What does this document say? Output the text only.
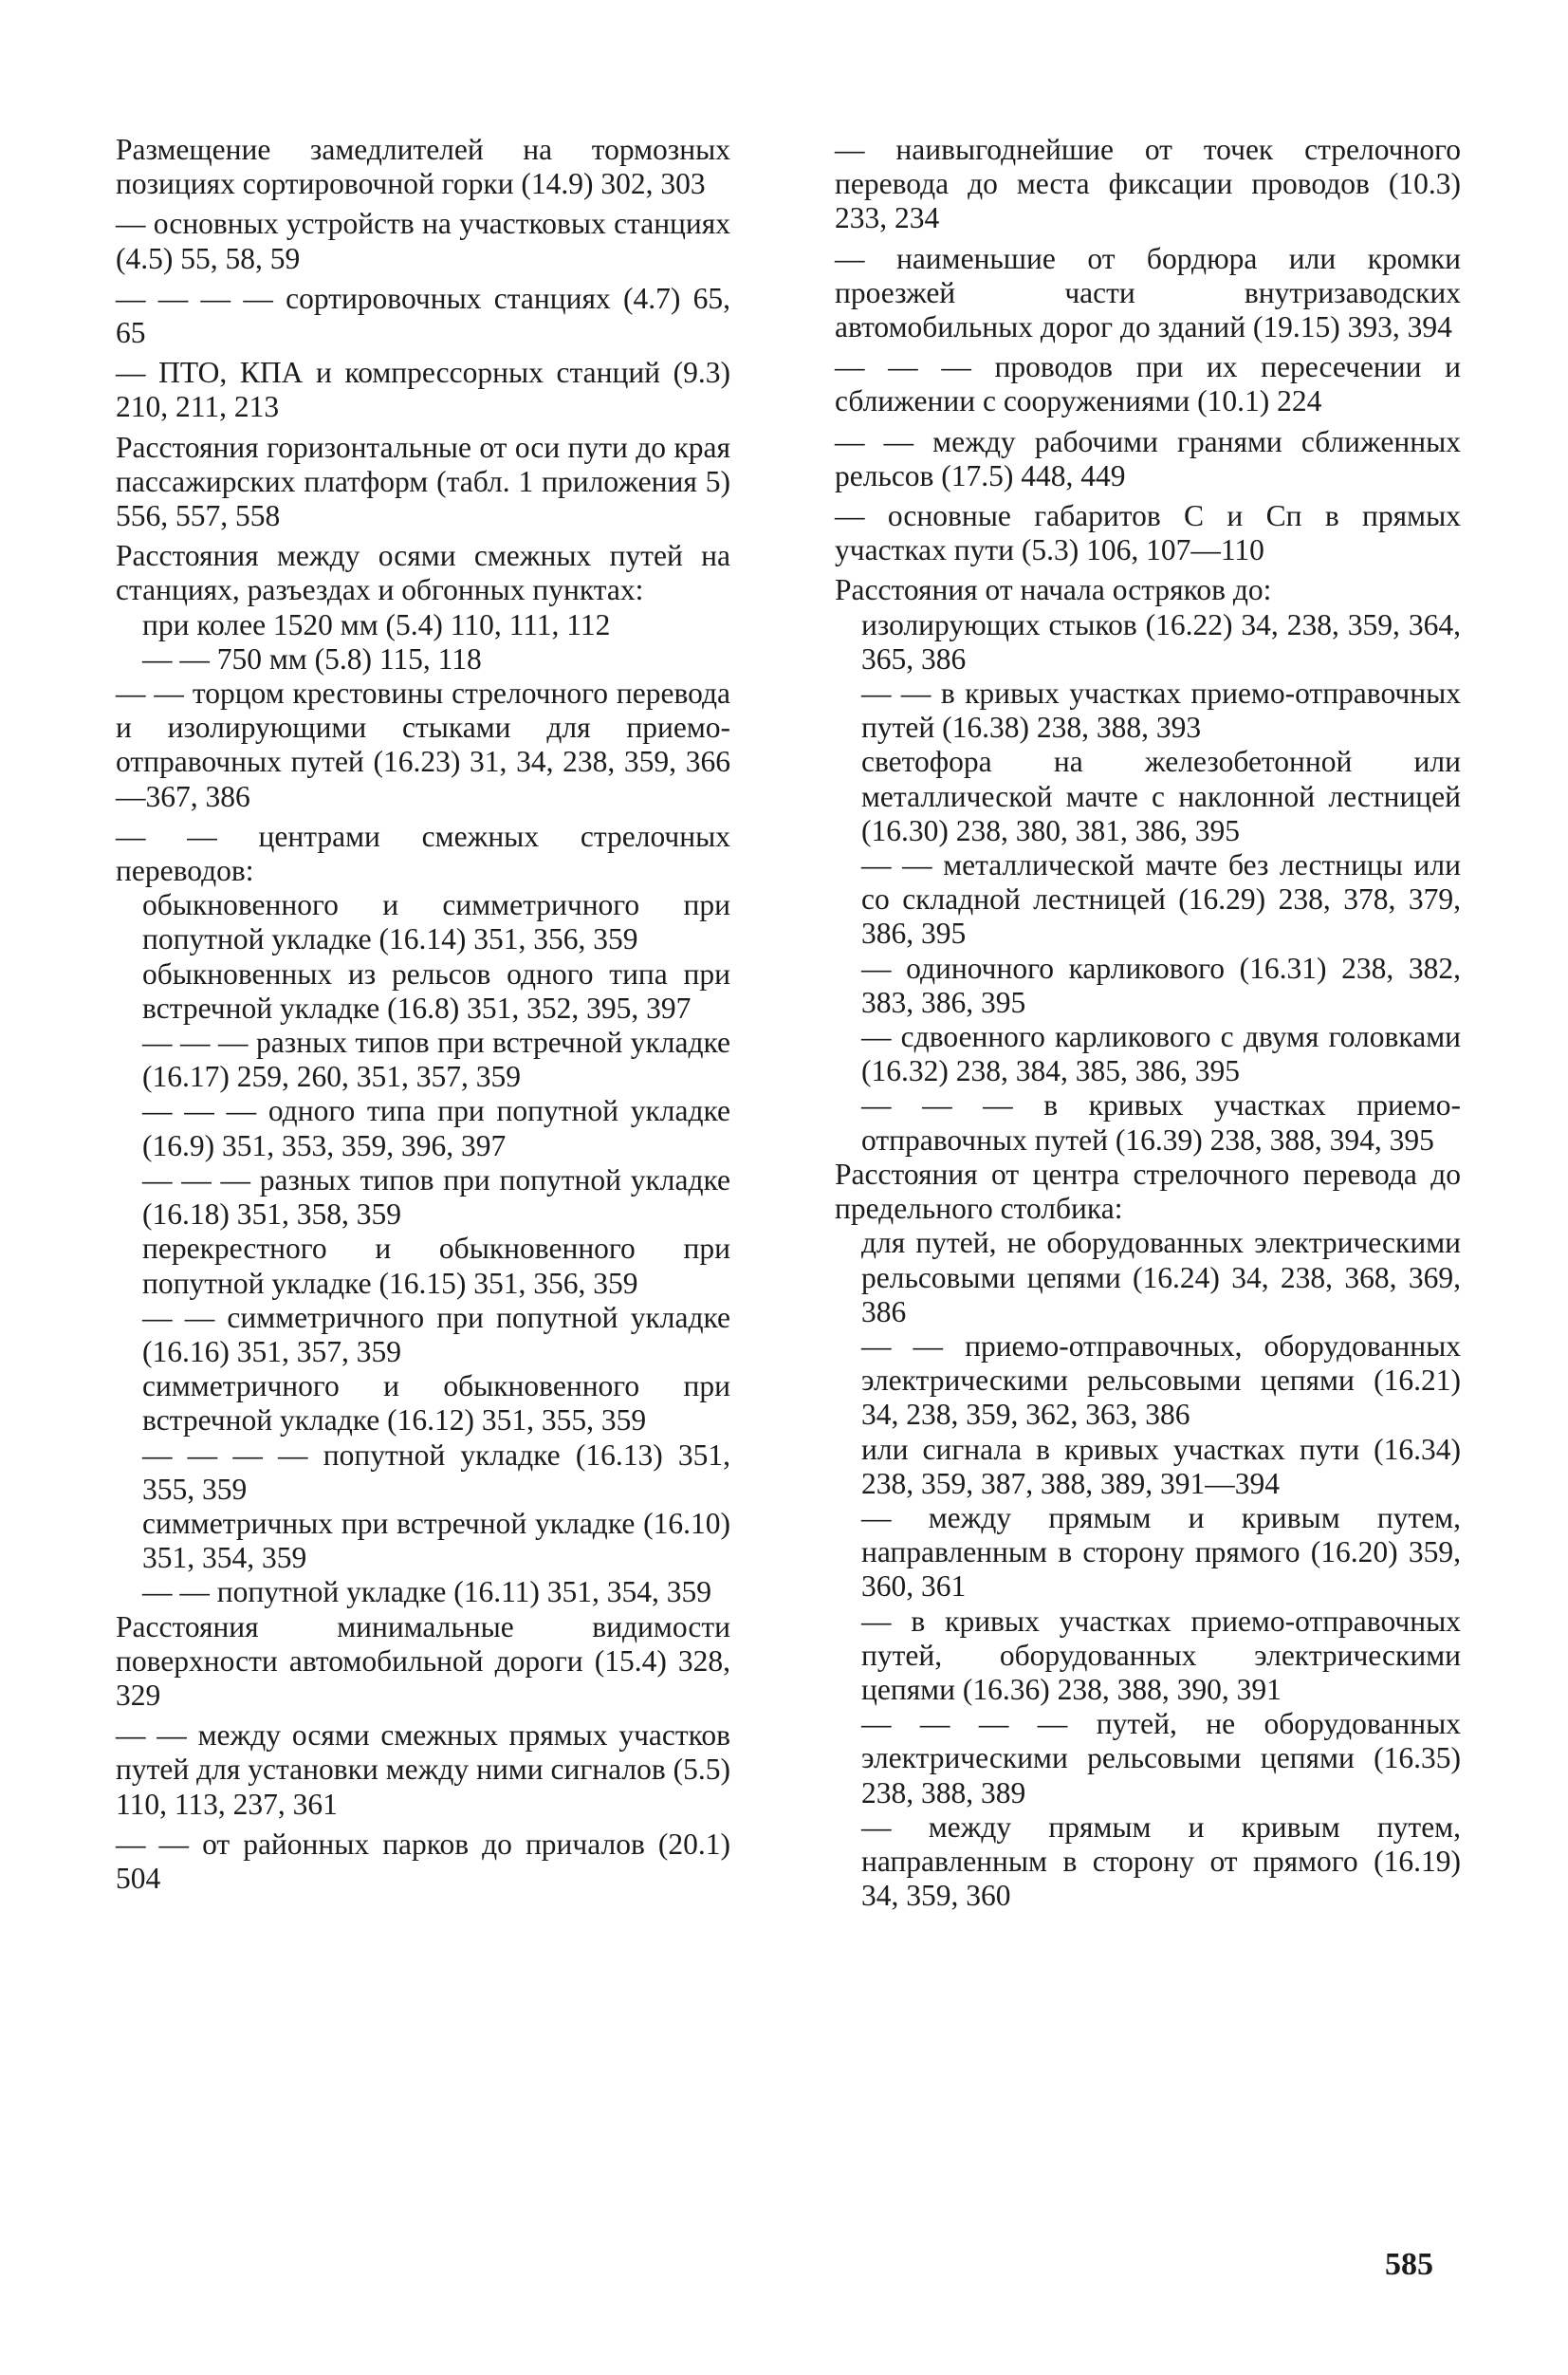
Размещение замедлителей на тормозных позициях сортировочной горки (14.9) 302, 303

— основных устройств на участковых станциях (4.5) 55, 58, 59

— — — — сортировочных станциях (4.7) 65, 65

— ПТО, КПА и компрессорных станций (9.3) 210, 211, 213

Расстояния горизонтальные от оси пути до края пассажирских платформ (табл. 1 приложения 5) 556, 557, 558

Расстояния между осями смежных путей на станциях, разъездах и обгонных пунктах:

при колее 1520 мм (5.4) 110, 111, 112

— — 750 мм (5.8) 115, 118

— — торцом крестовины стрелочного перевода и изолирующими стыками для приемо-отправочных путей (16.23) 31, 34, 238, 359, 366—367, 386

— — центрами смежных стрелочных переводов:

обыкновенного и симметричного при попутной укладке (16.14) 351, 356, 359

обыкновенных из рельсов одного типа при встречной укладке (16.8) 351, 352, 395, 397

— — — разных типов при встречной укладке (16.17) 259, 260, 351, 357, 359

— — — одного типа при попутной укладке (16.9) 351, 353, 359, 396, 397

— — — разных типов при попутной укладке (16.18) 351, 358, 359

перекрестного и обыкновенного при попутной укладке (16.15) 351, 356, 359

— — симметричного при попутной укладке (16.16) 351, 357, 359

симметричного и обыкновенного при встречной укладке (16.12) 351, 355, 359

— — — — попутной укладке (16.13) 351, 355, 359

симметричных при встречной укладке (16.10) 351, 354, 359

— — попутной укладке (16.11) 351, 354, 359

Расстояния минимальные видимости поверхности автомобильной дороги (15.4) 328, 329

— — между осями смежных прямых участков путей для установки между ними сигналов (5.5) 110, 113, 237, 361

— — от районных парков до причалов (20.1) 504

— наивыгоднейшие от точек стрелочного перевода до места фиксации проводов (10.3) 233, 234

— наименьшие от бордюра или кромки проезжей части внутризаводских автомобильных дорог до зданий (19.15) 393, 394

— — — проводов при их пересечении и сближении с сооружениями (10.1) 224

— — между рабочими гранями сближенных рельсов (17.5) 448, 449

— основные габаритов С и Сп в прямых участках пути (5.3) 106, 107—110

Расстояния от начала остряков до:

изолирующих стыков (16.22) 34, 238, 359, 364, 365, 386

— — в кривых участках приемо-отправочных путей (16.38) 238, 388, 393

светофора на железобетонной или металлической мачте с наклонной лестницей (16.30) 238, 380, 381, 386, 395

— — металлической мачте без лестницы или со складной лестницей (16.29) 238, 378, 379, 386, 395

— одиночного карликового (16.31) 238, 382, 383, 386, 395

— сдвоенного карликового с двумя головками (16.32) 238, 384, 385, 386, 395

— — — в кривых участках приемо-отправочных путей (16.39) 238, 388, 394, 395

Расстояния от центра стрелочного перевода до предельного столбика:

для путей, не оборудованных электрическими рельсовыми цепями (16.24) 34, 238, 368, 369, 386

— — приемо-отправочных, оборудованных электрическими рельсовыми цепями (16.21) 34, 238, 359, 362, 363, 386

или сигнала в кривых участках пути (16.34) 238, 359, 387, 388, 389, 391—394

— между прямым и кривым путем, направленным в сторону прямого (16.20) 359, 360, 361

— в кривых участках приемо-отправочных путей, оборудованных электрическими цепями (16.36) 238, 388, 390, 391

— — — — путей, не оборудованных электрическими рельсовыми цепями (16.35) 238, 388, 389

— между прямым и кривым путем, направленным в сторону от прямого (16.19) 34, 359, 360

585
